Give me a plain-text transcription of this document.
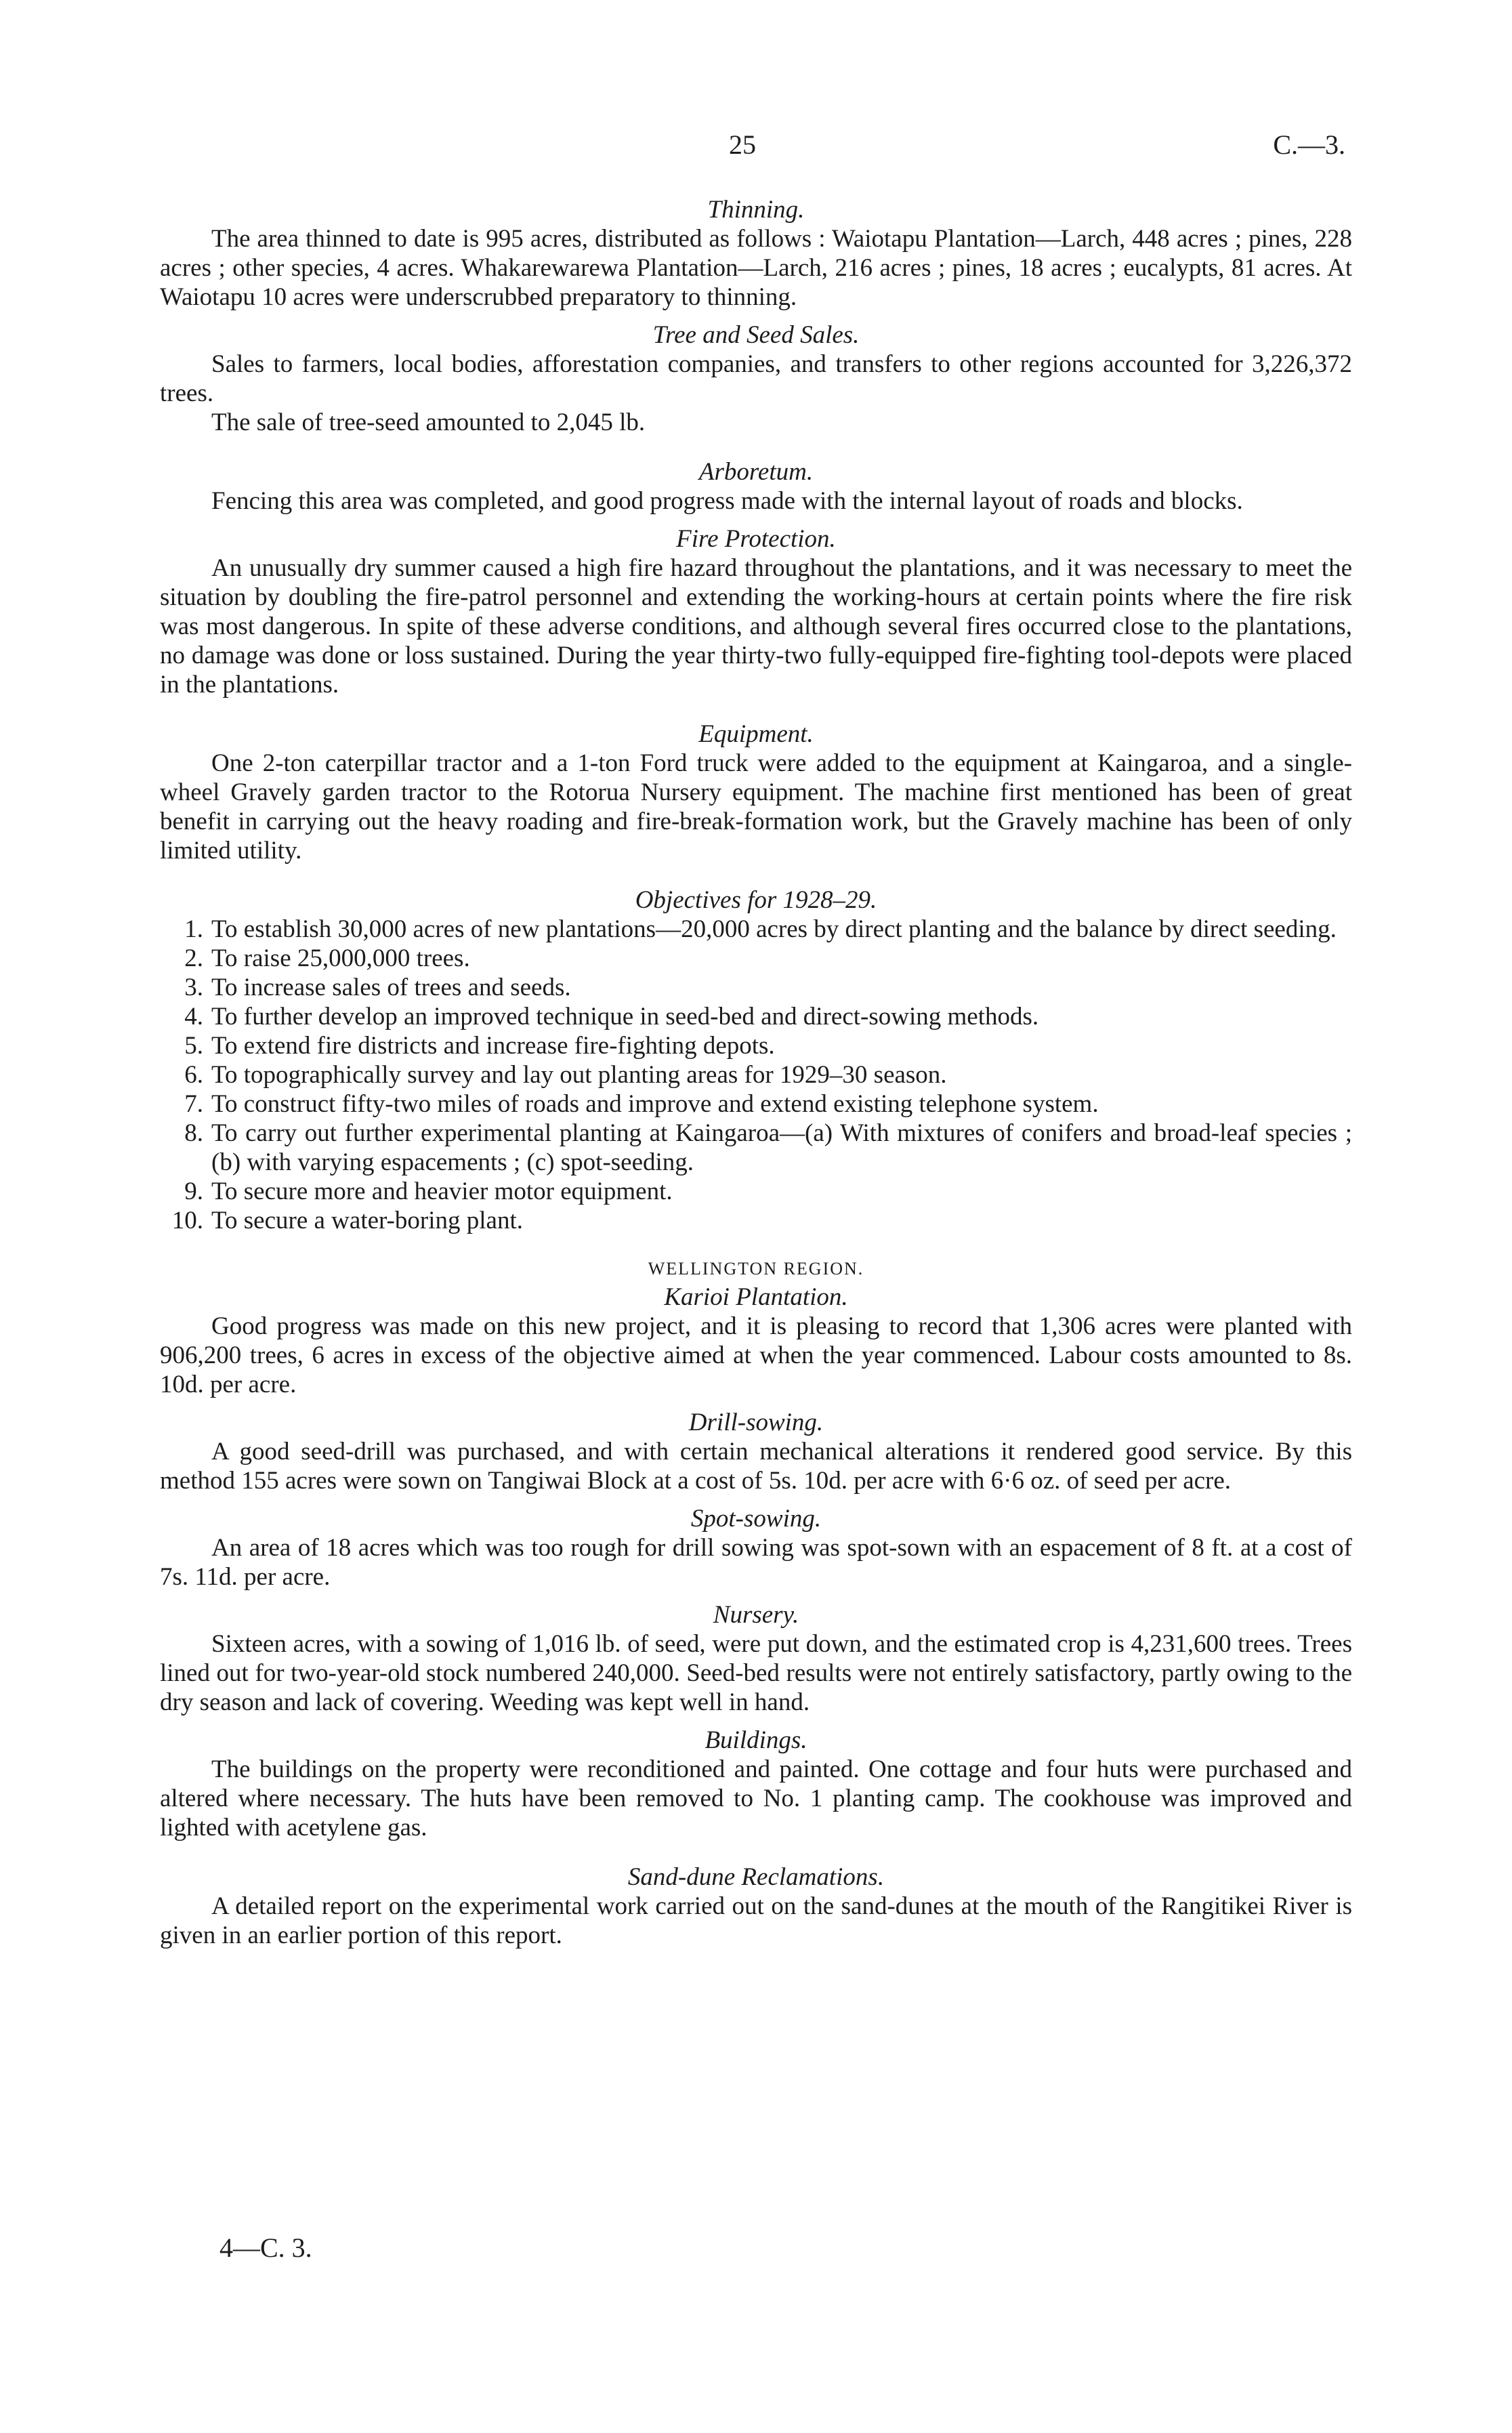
25	C.—3.
Thinning.

The area thinned to date is 995 acres, distributed as follows : Waiotapu Plantation—Larch, 448 acres ; pines, 228 acres ; other species, 4 acres. Whakarewarewa Plantation—Larch, 216 acres ; pines, 18 acres ; eucalypts, 81 acres. At Waiotapu 10 acres were underscrubbed preparatory to thinning.

Tree and Seed Sales.

Sales to farmers, local bodies, afforestation companies, and transfers to other regions accounted for 3,226,372 trees.

The sale of tree-seed amounted to 2,045 lb.

Arboretum.

Fencing this area was completed, and good progress made with the internal layout of roads and blocks.

Fire Protection.

An unusually dry summer caused a high fire hazard throughout the plantations, and it was necessary to meet the situation by doubling the fire-patrol personnel and extending the working-hours at certain points where the fire risk was most dangerous. In spite of these adverse conditions, and although several fires occurred close to the plantations, no damage was done or loss sustained. During the year thirty-two fully-equipped fire-fighting tool-depots were placed in the plantations.

Equipment.

One 2-ton caterpillar tractor and a 1-ton Ford truck were added to the equipment at Kaingaroa, and a single-wheel Gravely garden tractor to the Rotorua Nursery equipment. The machine first mentioned has been of great benefit in carrying out the heavy roading and fire-break-formation work, but the Gravely machine has been of only limited utility.

Objectives for 1928–29.
1. To establish 30,000 acres of new plantations—20,000 acres by direct planting and the balance by direct seeding.
2. To raise 25,000,000 trees.
3. To increase sales of trees and seeds.
4. To further develop an improved technique in seed-bed and direct-sowing methods.
5. To extend fire districts and increase fire-fighting depots.
6. To topographically survey and lay out planting areas for 1929–30 season.
7. To construct fifty-two miles of roads and improve and extend existing telephone system.
8. To carry out further experimental planting at Kaingaroa—(a) With mixtures of conifers and broad-leaf species ; (b) with varying espacements ; (c) spot-seeding.
9. To secure more and heavier motor equipment.
10. To secure a water-boring plant.
WELLINGTON REGION.
Karioi Plantation.

Good progress was made on this new project, and it is pleasing to record that 1,306 acres were planted with 906,200 trees, 6 acres in excess of the objective aimed at when the year commenced. Labour costs amounted to 8s. 10d. per acre.

Drill-sowing.

A good seed-drill was purchased, and with certain mechanical alterations it rendered good service. By this method 155 acres were sown on Tangiwai Block at a cost of 5s. 10d. per acre with 6·6 oz. of seed per acre.

Spot-sowing.

An area of 18 acres which was too rough for drill sowing was spot-sown with an espacement of 8 ft. at a cost of 7s. 11d. per acre.

Nursery.

Sixteen acres, with a sowing of 1,016 lb. of seed, were put down, and the estimated crop is 4,231,600 trees. Trees lined out for two-year-old stock numbered 240,000. Seed-bed results were not entirely satisfactory, partly owing to the dry season and lack of covering. Weeding was kept well in hand.

Buildings.

The buildings on the property were reconditioned and painted. One cottage and four huts were purchased and altered where necessary. The huts have been removed to No. 1 planting camp. The cookhouse was improved and lighted with acetylene gas.

Sand-dune Reclamations.

A detailed report on the experimental work carried out on the sand-dunes at the mouth of the Rangitikei River is given in an earlier portion of this report.

4—C. 3.
